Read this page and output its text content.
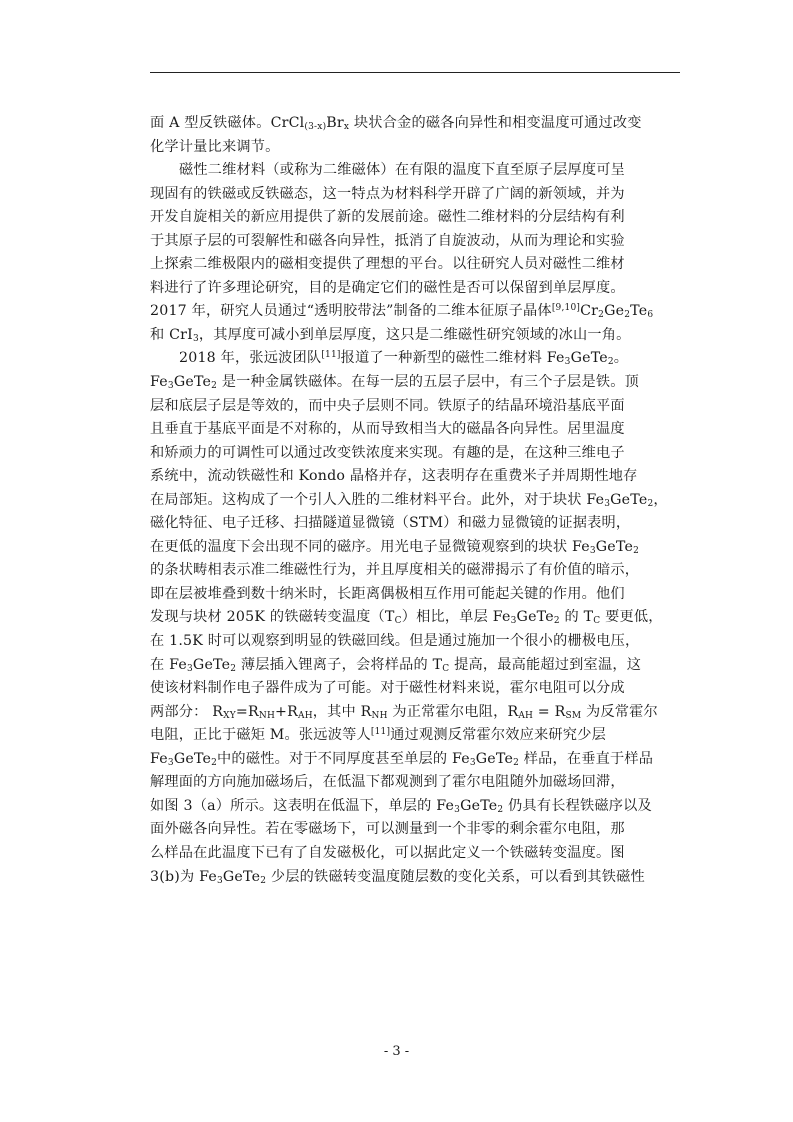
面 A 型反铁磁体。$CrCl_{(3-x)}Br_x$ 块状合金的磁各向异性和相变温度可通过改变
化学计量比来调节。
磁性二维材料（或称为二维磁体）在有限的温度下直至原子层厚度可呈
现固有的铁磁或反铁磁态，这一特点为材料科学开辟了广阔的新领域，并为
开发自旋相关的新应用提供了新的发展前途。磁性二维材料的分层结构有利
于其原子层的可裂解性和磁各向异性，抵消了自旋波动，从而为理论和实验
上探索二维极限内的磁相变提供了理想的平台。以往研究人员对磁性二维材
料进行了许多理论研究，目的是确定它们的磁性是否可以保留到单层厚度。
2017 年，研究人员通过“透明胶带法”制备的二维本征原子晶体$[9,10]Cr_2Ge_2Te_6$
和 CrI$_3$，其厚度可减小到单层厚度，这只是二维磁性研究领域的冰山一角。
2018 年，张远波团队[11]报道了一种新型的磁性二维材料 $Fe_3GeTe_2$。
$Fe_3GeTe_2$ 是一种金属铁磁体。在每一层的五层子层中，有三个子层是铁。顶
层和底层子层是等效的，而中央子层则不同。铁原子的结晶环境沿基底平面
且垂直于基底平面是不对称的，从而导致相当大的磁晶各向异性。居里温度
和矫顽力的可调性可以通过改变铁浓度来实现。有趣的是，在这种三维电子
系统中，流动铁磁性和 Kondo 晶格并存，这表明存在重费米子并周期性地存
在局部矩。这构成了一个引人入胜的二维材料平台。此外，对于块状 $Fe_3GeTe_2$，
磁化特征、电子迁移、扫描隧道显微镜（STM）和磁力显微镜的证据表明，
在更低的温度下会出现不同的磁序。用光电子显微镜观察到的块状 $Fe_3GeTe_2$
的条状畴相表示准二维磁性行为，并且厚度相关的磁滞揭示了有价值的暗示，
即在层被堆叠到数十纳米时，长距离偶极相互作用可能起关键的作用。他们
发现与块材 205K 的铁磁转变温度$(T_C)$相比，单层 $Fe_3GeTe_2$ 的 $T_C$ 要更低，
在 1.5K 时可以观察到明显的铁磁回线。但是通过施加一个很小的栅极电压，
在 $Fe_3GeTe_2$ 薄层插入锂离子，会将样品的 $T_C$ 提高，最高能超过到室温，这
使该材料制作电子器件成为了可能。对于磁性材料来说，霍尔电阻可以分成
两部分： $R_{XY}=R_{NH}+R_{AH}$，其中 $R_{NH}$ 为正常霍尔电阻，$R_{AH} = R_{SM}$ 为反常霍尔
电阻，正比于磁矩 M。张远波等人[11]通过观测反常霍尔效应来研究少层
$Fe_3GeTe_2$中的磁性。对于不同厚度甚至单层的 $Fe_3GeTe_2$ 样品，在垂直于样品
解理面的方向施加磁场后，在低温下都观测到了霍尔电阻随外加磁场回滞，
如图 3（a）所示。这表明在低温下，单层的 $Fe_3GeTe_2$ 仍具有长程铁磁序以及
面外磁各向异性。若在零磁场下，可以测量到一个非零的剩余霍尔电阻，那
么样品在此温度下已有了自发磁极化，可以据此定义一个铁磁转变温度。图
3(b)为 $Fe_3GeTe_2$ 少层的铁磁转变温度随层数的变化关系，可以看到其铁磁性
- 3 -
